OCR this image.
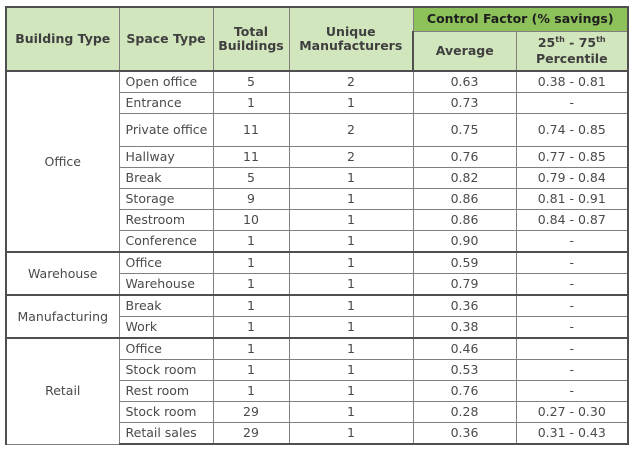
Building Type	Space Type	Total Buildings	Unique Manufacturers	Control Factor (% savings)	
				Average	25th - 75th
Percentile
Office	Open office	5	2	0.63	0.38 - 0.81
	Entrance	1	1	0.73	-
	Private office	11	2	0.75	0.74 - 0.85
	Hallway	11	2	0.76	0.77 - 0.85
	Break	5	1	0.82	0.79 - 0.84
	Storage	9	1	0.86	0.81 - 0.91
	Restroom	10	1	0.86	0.84 - 0.87
	Conference	1	1	0.90	-
Warehouse	Office	1	1	0.59	-
	Warehouse	1	1	0.79	-
Manufacturing	Break	1	1	0.36	-
	Work	1	1	0.38	-
Retail	Office	1	1	0.46	-
	Stock room	1	1	0.53	-
	Rest room	1	1	0.76	-
	Stock room	29	1	0.28	0.27 - 0.30
	Retail sales	29	1	0.36	0.31 - 0.43
